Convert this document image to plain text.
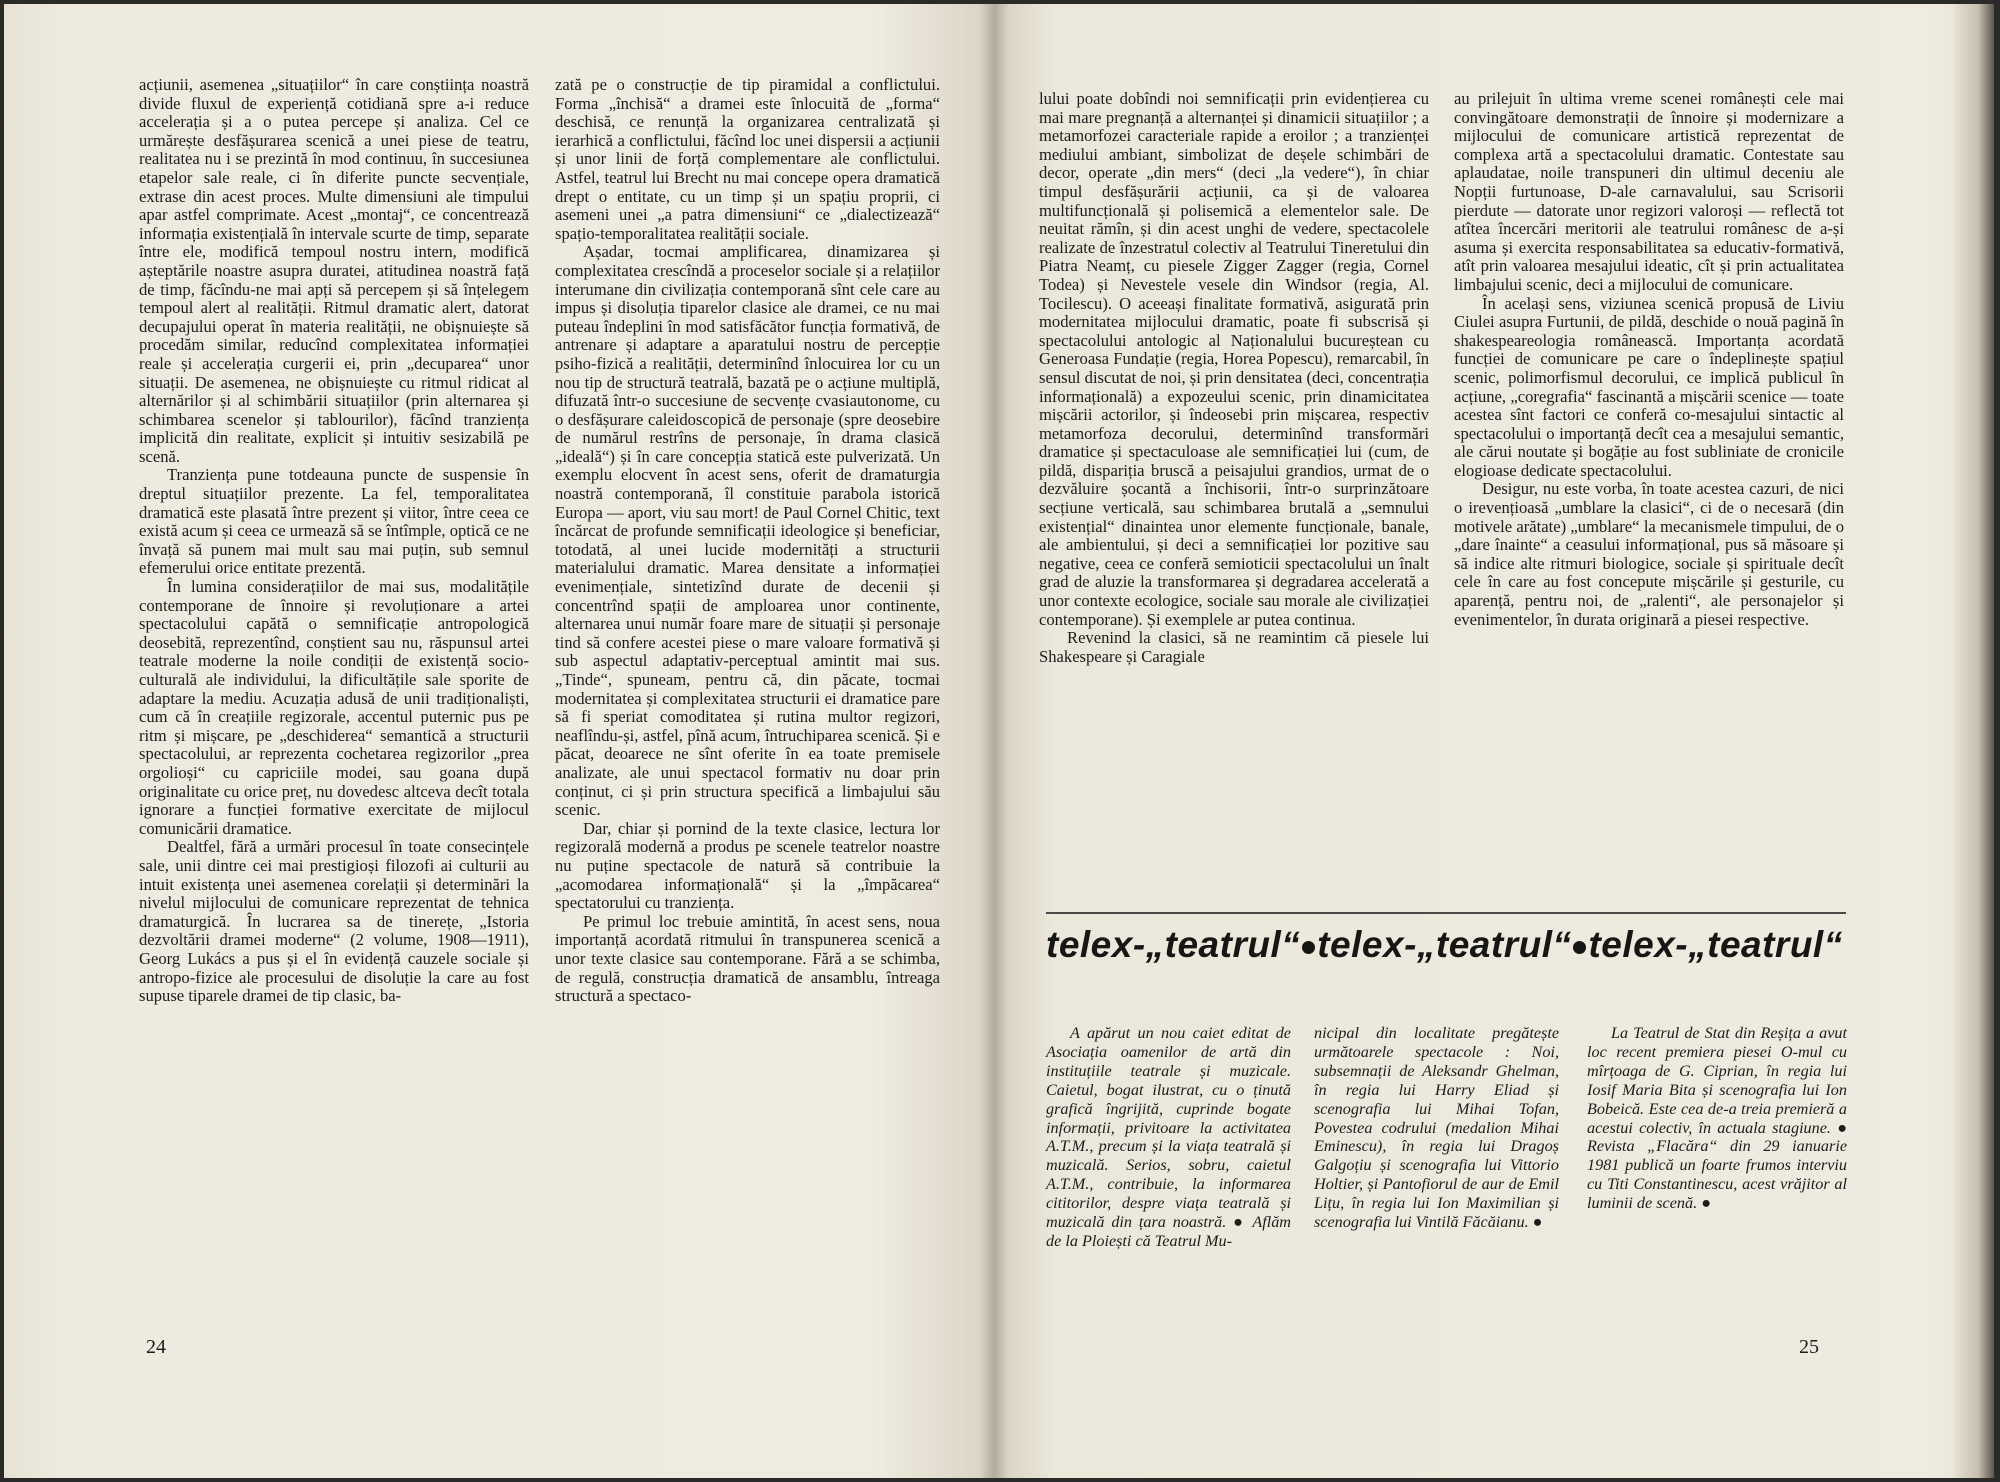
acțiunii, asemenea „situațiilor“ în care conștiința noastră divide fluxul de experiență cotidiană spre a-i reduce accelerația și a o putea percepe și analiza. Cel ce urmărește desfășurarea scenică a unei piese de teatru, realitatea nu i se prezintă în mod continuu, în succesiunea etapelor sale reale, ci în diferite puncte secvențiale, extrase din acest proces. Multe dimensiuni ale timpului apar astfel comprimate. Acest „montaj“, ce concentrează informația existențială în intervale scurte de timp, separate între ele, modifică tempoul nostru intern, modifică așteptările noastre asupra duratei, atitudinea noastră față de timp, făcîndu-ne mai apți să percepem și să înțelegem tempoul alert al realității. Ritmul dramatic alert, datorat decupajului operat în materia realității, ne obișnuiește să procedăm similar, reducînd complexitatea informației reale și accelerația curgerii ei, prin „decuparea“ unor situații. De asemenea, ne obișnuiește cu ritmul ridicat al alternărilor și al schimbării situațiilor (prin alternarea și schimbarea scenelor și tablourilor), făcînd tranziența implicită din realitate, explicit și intuitiv sesizabilă pe scenă.

Tranziența pune totdeauna puncte de suspensie în dreptul situațiilor prezente. La fel, temporalitatea dramatică este plasată între prezent și viitor, între ceea ce există acum și ceea ce urmează să se întîmple, optică ce ne învață să punem mai mult sau mai puțin, sub semnul efemerului orice entitate prezentă.

În lumina considerațiilor de mai sus, modalitățile contemporane de înnoire și revoluționare a artei spectacolului capătă o semnificație antropologică deosebită, reprezentînd, conștient sau nu, răspunsul artei teatrale moderne la noile condiții de existență socio-culturală ale individului, la dificultățile sale sporite de adaptare la mediu. Acuzația adusă de unii tradiționaliști, cum că în creațiile regizorale, accentul puternic pus pe ritm și mișcare, pe „deschiderea“ semantică a structurii spectacolului, ar reprezenta cochetarea regizorilor „prea orgolioși“ cu capriciile modei, sau goana după originalitate cu orice preț, nu dovedesc altceva decît totala ignorare a funcției formative exercitate de mijlocul comunicării dramatice.

Dealtfel, fără a urmări procesul în toate consecințele sale, unii dintre cei mai prestigioși filozofi ai culturii au intuit existența unei asemenea corelații și determinări la nivelul mijlocului de comunicare reprezentat de tehnica dramaturgică. În lucrarea sa de tinerețe, „Istoria dezvoltării dramei moderne“ (2 volume, 1908—1911), Georg Lukács a pus și el în evidență cauzele sociale și antropo-fizice ale procesului de disoluție la care au fost supuse tiparele dramei de tip clasic, ba-

zată pe o construcție de tip piramidal a conflictului. Forma „închisă“ a dramei este înlocuită de „forma“ deschisă, ce renunță la organizarea centralizată și ierarhică a conflictului, făcînd loc unei dispersii a acțiunii și unor linii de forță complementare ale conflictului. Astfel, teatrul lui Brecht nu mai concepe opera dramatică drept o entitate, cu un timp și un spațiu proprii, ci asemeni unei „a patra dimensiuni“ ce „dialectizează“ spațio-temporalitatea realității sociale.

Așadar, tocmai amplificarea, dinamizarea și complexitatea crescîndă a proceselor sociale și a relațiilor interumane din civilizația contemporană sînt cele care au impus și disoluția tiparelor clasice ale dramei, ce nu mai puteau îndeplini în mod satisfăcător funcția formativă, de antrenare și adaptare a aparatului nostru de percepție psiho-fizică a realității, determinînd înlocuirea lor cu un nou tip de structură teatrală, bazată pe o acțiune multiplă, difuzată într-o succesiune de secvențe cvasiautonome, cu o desfășurare caleidoscopică de personaje (spre deosebire de numărul restrîns de personaje, în drama clasică „ideală“) și în care concepția statică este pulverizată. Un exemplu elocvent în acest sens, oferit de dramaturgia noastră contemporană, îl constituie parabola istorică Europa — aport, viu sau mort! de Paul Cornel Chitic, text încărcat de profunde semnificații ideologice și beneficiar, totodată, al unei lucide modernități a structurii materialului dramatic. Marea densitate a informației evenimențiale, sintetizînd durate de decenii și concentrînd spații de amploarea unor continente, alternarea unui număr foare mare de situații și personaje tind să confere acestei piese o mare valoare formativă și sub aspectul adaptativ-perceptual amintit mai sus. „Tinde“, spuneam, pentru că, din păcate, tocmai modernitatea și complexitatea structurii ei dramatice pare să fi speriat comoditatea și rutina multor regizori, neaflîndu-și, astfel, pînă acum, întruchiparea scenică. Și e păcat, deoarece ne sînt oferite în ea toate premisele analizate, ale unui spectacol formativ nu doar prin conținut, ci și prin structura specifică a limbajului său scenic.

Dar, chiar și pornind de la texte clasice, lectura lor regizorală modernă a produs pe scenele teatrelor noastre nu puține spectacole de natură să contribuie la „acomodarea informațională“ și la „împăcarea“ spectatorului cu tranziența.

Pe primul loc trebuie amintită, în acest sens, noua importanță acordată ritmului în transpunerea scenică a unor texte clasice sau contemporane. Fără a se schimba, de regulă, construcția dramatică de ansamblu, întreaga structură a spectaco-

24

lului poate dobîndi noi semnificații prin evidențierea cu mai mare pregnanță a alternanței și dinamicii situațiilor ; a metamorfozei caracteriale rapide a eroilor ; a tranzienței mediului ambiant, simbolizat de deșele schimbări de decor, operate „din mers“ (deci „la vedere“), în chiar timpul desfășurării acțiunii, ca și de valoarea multifuncțională și polisemică a elementelor sale. De neuitat rămîn, și din acest unghi de vedere, spectacolele realizate de înzestratul colectiv al Teatrului Tineretului din Piatra Neamț, cu piesele Zigger Zagger (regia, Cornel Todea) și Nevestele vesele din Windsor (regia, Al. Tocilescu). O aceeași finalitate formativă, asigurată prin modernitatea mijlocului dramatic, poate fi subscrisă și spectacolului antologic al Naționalului bucureștean cu Generoasa Fundație (regia, Horea Popescu), remarcabil, în sensul discutat de noi, și prin densitatea (deci, concentrația informațională) a expozeului scenic, prin dinamicitatea mișcării actorilor, și îndeosebi prin mișcarea, respectiv metamorfoza decorului, determinînd transformări dramatice și spectaculoase ale semnificației lui (cum, de pildă, dispariția bruscă a peisajului grandios, urmat de o dezvăluire șocantă a închisorii, într-o surprinzătoare secțiune verticală, sau schimbarea brutală a „semnului existențial“ dinaintea unor elemente funcționale, banale, ale ambientului, și deci a semnificației lor pozitive sau negative, ceea ce conferă semioticii spectacolului un înalt grad de aluzie la transformarea și degradarea accelerată a unor contexte ecologice, sociale sau morale ale civilizației contemporane). Și exemplele ar putea continua.

Revenind la clasici, să ne reamintim că piesele lui Shakespeare și Caragiale

au prilejuit în ultima vreme scenei românești cele mai convingătoare demonstrații de înnoire și modernizare a mijlocului de comunicare artistică reprezentat de complexa artă a spectacolului dramatic. Contestate sau aplaudatae, noile transpuneri din ultimul deceniu ale Nopții furtunoase, D-ale carnavalului, sau Scrisorii pierdute — datorate unor regizori valoroși — reflectă tot atîtea încercări meritorii ale teatrului românesc de a-și asuma și exercita responsabilitatea sa educativ-formativă, atît prin valoarea mesajului ideatic, cît și prin actualitatea limbajului scenic, deci a mijlocului de comunicare.

În același sens, viziunea scenică propusă de Liviu Ciulei asupra Furtunii, de pildă, deschide o nouă pagină în shakespeareologia românească. Importanța acordată funcției de comunicare pe care o îndeplinește spațiul scenic, polimorfismul decorului, ce implică publicul în acțiune, „coregrafia“ fascinantă a mișcării scenice — toate acestea sînt factori ce conferă co-mesajului sintactic al spectacolului o importanță decît cea a mesajului semantic, ale cărui noutate și bogăție au fost subliniate de cronicile elogioase dedicate spectacolului.

Desigur, nu este vorba, în toate acestea cazuri, de nici o irevențioasă „umblare la clasici“, ci de o necesară (din motivele arătate) „umblare“ la mecanismele timpului, de o „dare înainte“ a ceasului informațional, pus să măsoare și să indice alte ritmuri biologice, sociale și spirituale decît cele în care au fost concepute mișcările și gesturile, cu aparență, pentru noi, de „ralenti“, ale personajelor și evenimentelor, în durata originară a piesei respective.

telex-„teatrul“ telex-„teatrul“ telex-„teatrul“

A apărut un nou caiet editat de Asociația oamenilor de artă din instituțiile teatrale și muzicale. Caietul, bogat ilustrat, cu o ținută grafică îngrijită, cuprinde bogate informații, privitoare la activitatea A.T.M., precum și la viața teatrală și muzicală. Serios, sobru, caietul A.T.M., contribuie, la informarea cititorilor, despre viața teatrală și muzicală din țara noastră. ● Aflăm de la Ploiești că Teatrul Mu-

nicipal din localitate pregătește următoarele spectacole : Noi, subsemnații de Aleksandr Ghelman, în regia lui Harry Eliad și scenografia lui Mihai Tofan, Povestea codrului (medalion Mihai Eminescu), în regia lui Dragoș Galgoțiu și scenografia lui Vittorio Holtier, și Pantofiorul de aur de Emil Lițu, în regia lui Ion Maximilian și scenografia lui Vintilă Făcăianu. ●

La Teatrul de Stat din Reșița a avut loc recent premiera piesei O-mul cu mîrțoaga de G. Ciprian, în regia lui Iosif Maria Bita și scenografia lui Ion Bobeică. Este cea de-a treia premieră a acestui colectiv, în actuala stagiune. ● Revista „Flacăra“ din 29 ianuarie 1981 publică un foarte frumos interviu cu Titi Constantinescu, acest vrăjitor al luminii de scenă. ●

25
